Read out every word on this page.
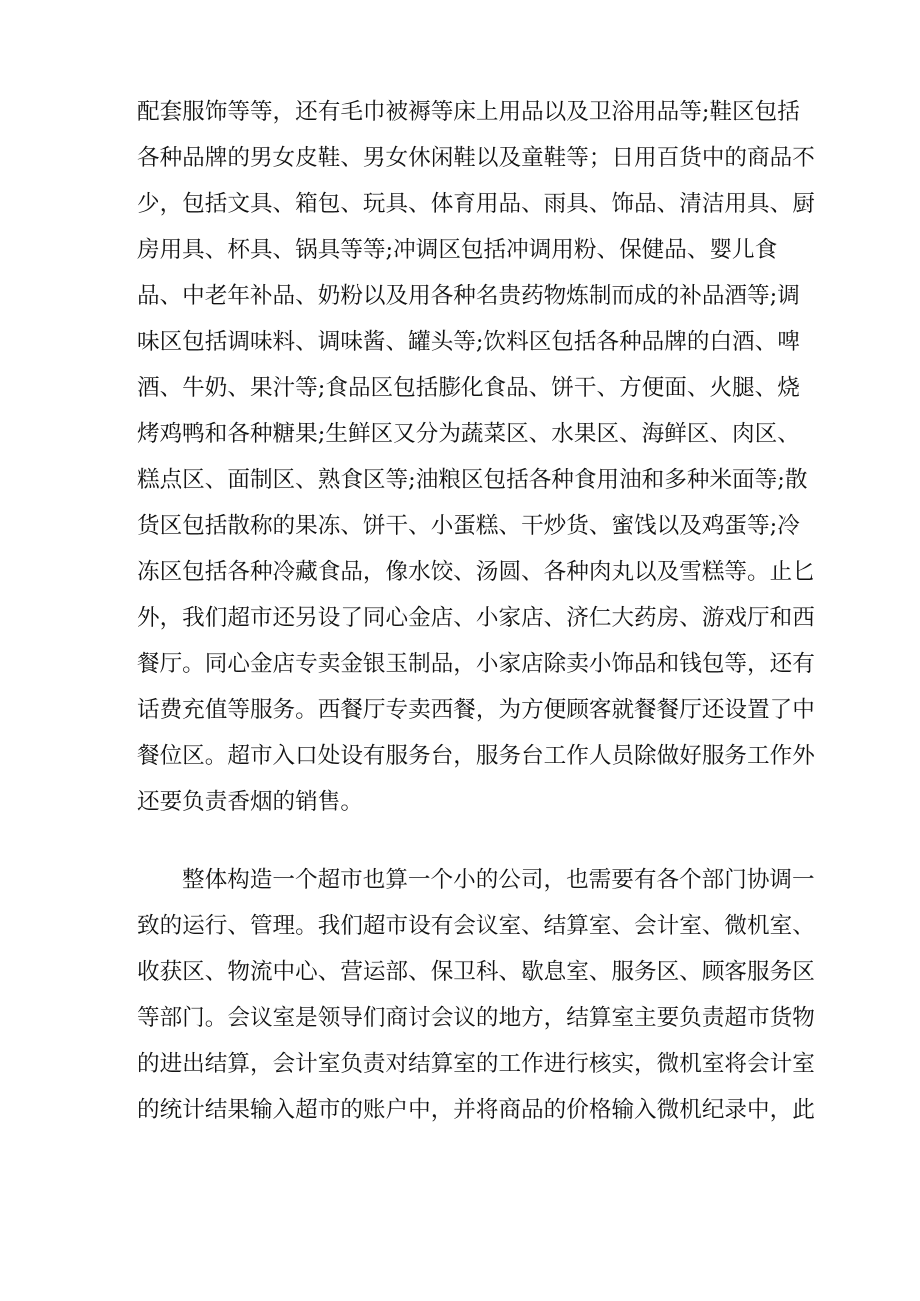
配套服饰等等，还有毛巾被褥等床上用品以及卫浴用品等;鞋区包括
各种品牌的男女皮鞋、男女休闲鞋以及童鞋等；日用百货中的商品不
少，包括文具、箱包、玩具、体育用品、雨具、饰品、清洁用具、厨
房用具、杯具、锅具等等;冲调区包括冲调用粉、保健品、婴儿食
品、中老年补品、奶粉以及用各种名贵药物炼制而成的补品酒等;调
味区包括调味料、调味酱、罐头等;饮料区包括各种品牌的白酒、啤
酒、牛奶、果汁等;食品区包括膨化食品、饼干、方便面、火腿、烧
烤鸡鸭和各种糖果;生鲜区又分为蔬菜区、水果区、海鲜区、肉区、
糕点区、面制区、熟食区等;油粮区包括各种食用油和多种米面等;散
货区包括散称的果冻、饼干、小蛋糕、干炒货、蜜饯以及鸡蛋等;冷
冻区包括各种冷藏食品，像水饺、汤圆、各种肉丸以及雪糕等。止匕
外，我们超市还另设了同心金店、小家店、济仁大药房、游戏厅和西
餐厅。同心金店专卖金银玉制品，小家店除卖小饰品和钱包等，还有
话费充值等服务。西餐厅专卖西餐，为方便顾客就餐餐厅还设置了中
餐位区。超市入口处设有服务台，服务台工作人员除做好服务工作外
还要负责香烟的销售。
整体构造一个超市也算一个小的公司，也需要有各个部门协调一
致的运行、管理。我们超市设有会议室、结算室、会计室、微机室、
收获区、物流中心、营运部、保卫科、歇息室、服务区、顾客服务区
等部门。会议室是领导们商讨会议的地方，结算室主要负责超市货物
的进出结算，会计室负责对结算室的工作进行核实，微机室将会计室
的统计结果输入超市的账户中，并将商品的价格输入微机纪录中，此
